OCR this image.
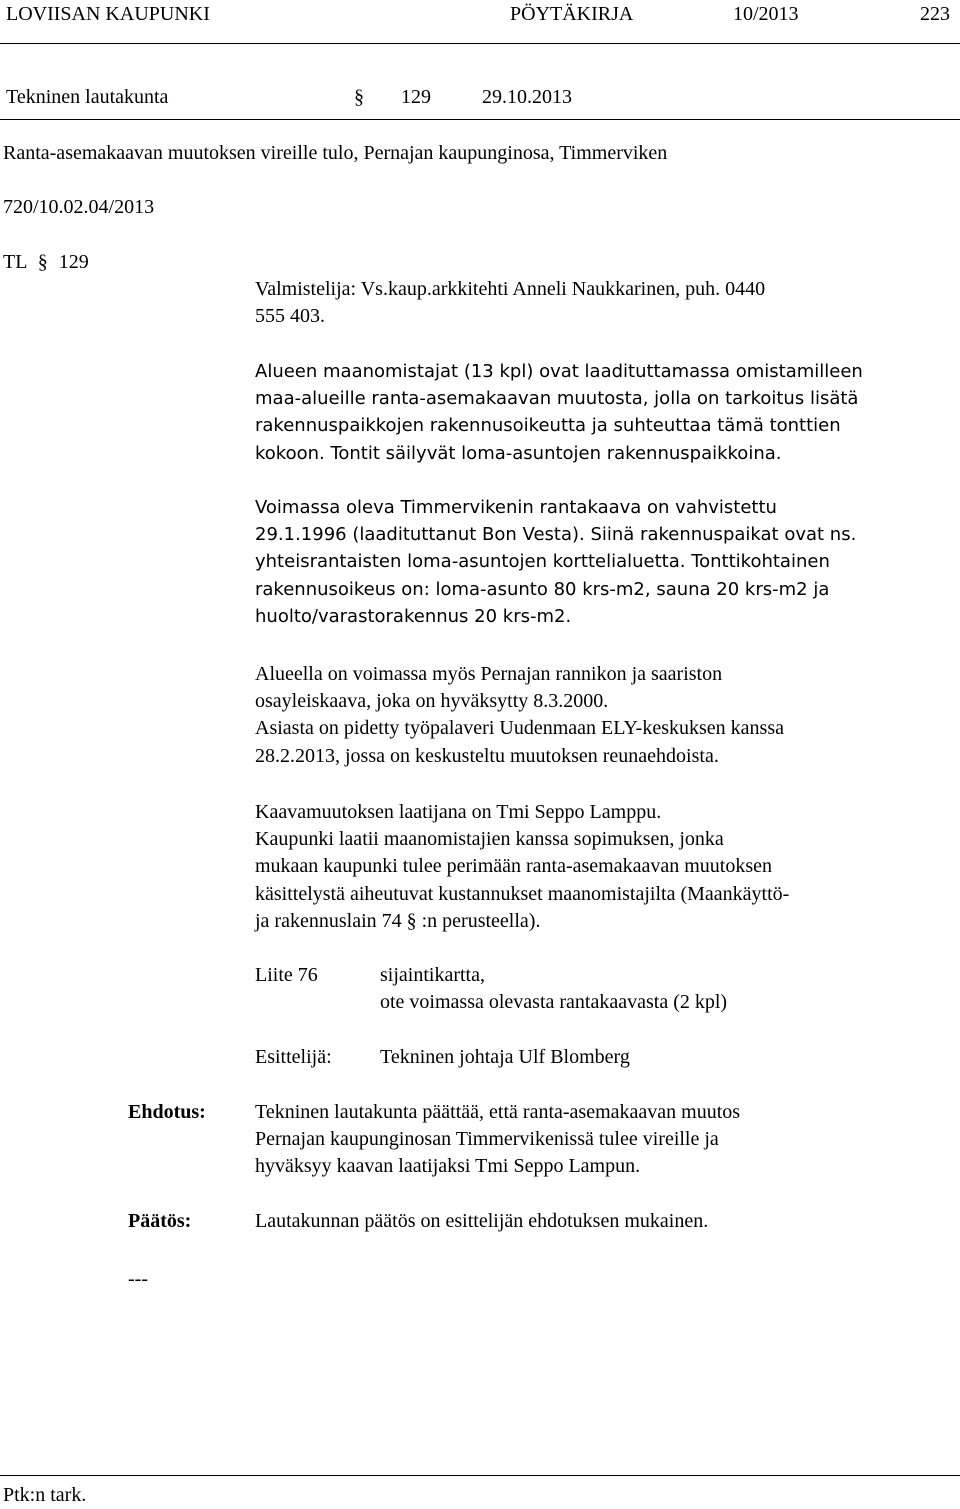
LOVIISAN KAUPUNKI	PÖYTÄKIRJA	10/2013	223
Tekninen lautakunta	§ 129	29.10.2013
Ranta-asemakaavan muutoksen vireille tulo, Pernajan kaupunginosa, Timmerviken
720/10.02.04/2013
TL § 129
Valmistelija: Vs.kaup.arkkitehti Anneli Naukkarinen, puh. 0440
555 403.
Alueen maanomistajat (13 kpl) ovat laadituttamassa omistamilleen
maa-alueille ranta-asemakaavan muutosta, jolla on tarkoitus lisätä
rakennuspaikkojen rakennusoikeutta ja suhteuttaa tämä tonttien
kokoon. Tontit säilyvät loma-asuntojen rakennuspaikkoina.
Voimassa oleva Timmervikenin rantakaava on vahvistettu
29.1.1996 (laadituttanut Bon Vesta). Siinä rakennuspaikat ovat ns.
yhteisrantaisten loma-asuntojen korttelialuetta. Tonttikohtainen
rakennusoikeus on: loma-asunto 80 krs-m2, sauna 20 krs-m2 ja
huolto/varastorakennus 20 krs-m2.
Alueella on voimassa myös Pernajan rannikon ja saariston
osayleiskaava, joka on hyväksytty 8.3.2000.
Asiasta on pidetty työpalaveri Uudenmaan ELY-keskuksen kanssa
28.2.2013, jossa on keskusteltu muutoksen reunaehdoista.
Kaavamuutoksen laatijana on Tmi Seppo Lamppu.
Kaupunki laatii maanomistajien kanssa sopimuksen, jonka
mukaan kaupunki tulee perimään ranta-asemakaavan muutoksen
käsittelystä aiheutuvat kustannukset maanomistajilta (Maankäyttö-
ja rakennuslain 74 § :n perusteella).
Liite 76	sijaintikartta,
ote voimassa olevasta rantakaavasta (2 kpl)
Esittelijä: Tekninen johtaja Ulf Blomberg
Ehdotus: Tekninen lautakunta päättää, että ranta-asemakaavan muutos
Pernajan kaupunginosan Timmervikenissä tulee vireille ja
hyväksyy kaavan laatijaksi Tmi Seppo Lampun.
Päätös:	Lautakunnan päätös on esittelijän ehdotuksen mukainen.
---
Ptk:n tark.
